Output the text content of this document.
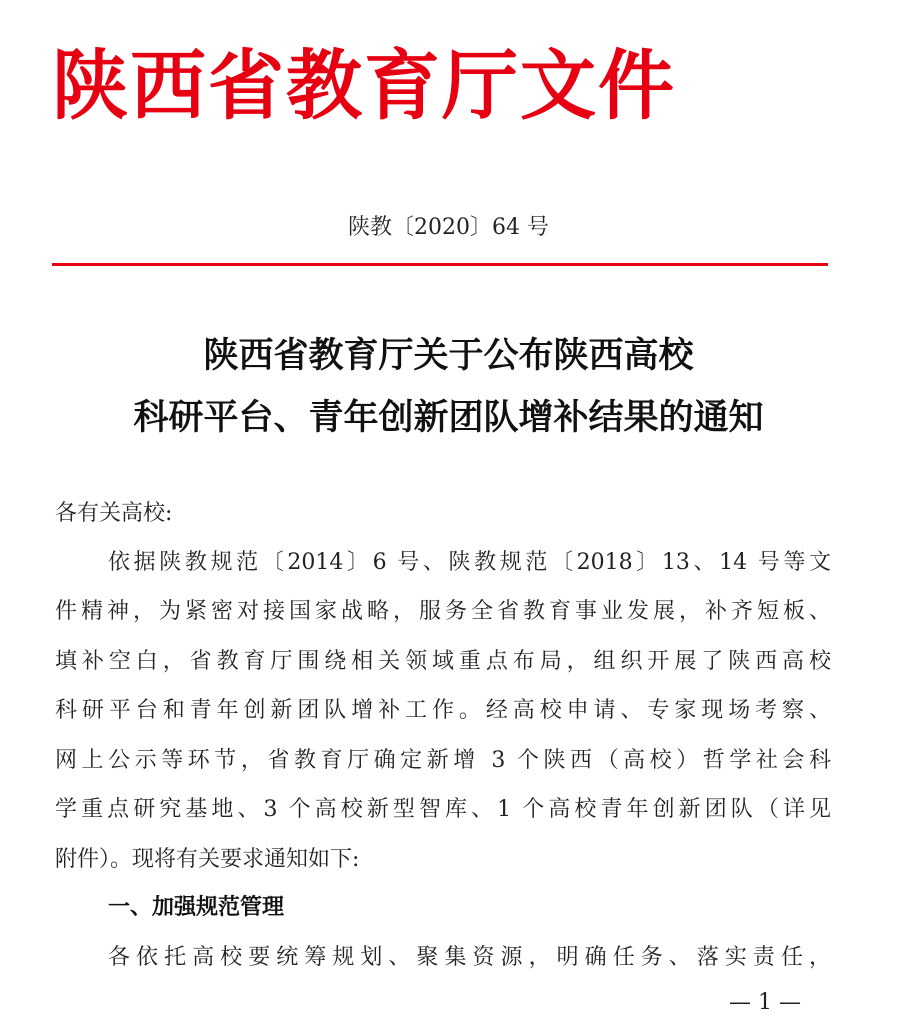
陕西省教育厅文件
陕教〔2020〕64 号
陕西省教育厅关于公布陕西高校
科研平台、青年创新团队增补结果的通知
各有关高校:
依据陕教规范〔2014〕6 号、陕教规范〔2018〕13、14 号等文
件精神，为紧密对接国家战略，服务全省教育事业发展，补齐短板、
填补空白，省教育厅围绕相关领域重点布局，组织开展了陕西高校
科研平台和青年创新团队增补工作。经高校申请、专家现场考察、
网上公示等环节，省教育厅确定新增 3 个陕西（高校）哲学社会科
学重点研究基地、3 个高校新型智库、1 个高校青年创新团队（详见
附件）。现将有关要求通知如下:
一、加强规范管理
各依托高校要统筹规划、聚集资源，明确任务、落实责任，
— 1 —
